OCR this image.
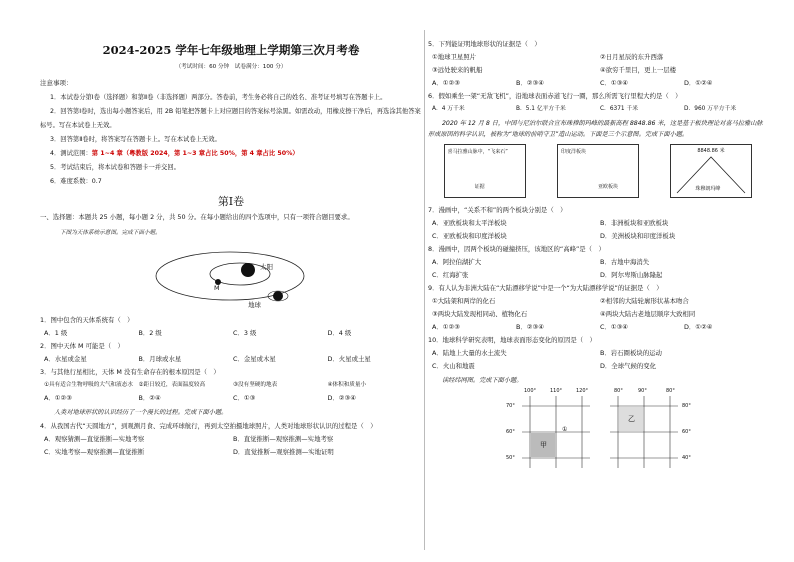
2024-2025 学年七年级地理上学期第三次月考卷
（考试时间：60 分钟　试卷满分：100 分）
注意事项：
1．本试卷分第Ⅰ卷（选择题）和第Ⅱ卷（非选择题）两部分。答卷前，考生务必将自己的姓名、准考证号填写在答题卡上。
2．回答第Ⅰ卷时，选出每小题答案后，用 2B 铅笔把答题卡上对应题目的答案标号涂黑。如需改动，用橡皮擦干净后，再选涂其他答案标号。写在本试卷上无效。
3．回答第Ⅱ卷时，将答案写在答题卡上。写在本试卷上无效。
4．测试范围：第 1~4 章（粤教版 2024，第 1~3 章占比 50%，第 4 章占比 50%）
5．考试结束后，将本试卷和答题卡一并交回。
6．难度系数：0.7
第Ⅰ卷

一、选择题：本题共 25 小题，每小题 2 分，共 50 分。在每小题给出的四个选项中，只有一项符合题目要求。

下图为天体系统示意图。完成下面小题。
太阳
M
地球

1．图中包含的天体系统有（　）

A．1 级	B．2 级	C．3 级	D．4 级

2．图中天体 M 可能是（　）

A．水星或金星	B．月球或水星	C．金星或木星	D．火星或土星

3．与其他行星相比，天体 M 没有生命存在的根本原因是（　）

①具有适合生物呼吸的大气和液态水 ②距日较近，表面温度较高	③没有坚硬的地表	④体积和质量小
A．①②③	B．②④	C．①③	D．②③④

人类对地球形状的认识经历了一个漫长的过程。完成下面小题。

4．从我国古代“天圆地方”，到观测月食、完成环球航行，再到太空拍摄地球照片，人类对地球形状认识的过程是（　）

A．观察猜测—直觉推断—实地考察	B．直觉推断—观察推测—实地考察
C．实地考察—观察推测—直觉推断	D．直觉推断—观察推测—实地证明

5．下列能证明地球形状的证据是（　）

①地球卫星照片	②日月星辰的东升西落
③远处驶来的帆船	④欲穷千里目，更上一层楼
A．①②③	B．②③④	C．①③④	D．①②④

6．假如乘坐一架“无敌飞机”，沿地球表面赤道飞行一圈，那么所需飞行里程大约是（　）

A．4 万千米	B．5.1 亿平方千米	C．6371 千米	D．960 万平方千米

2020 年 12 月 8 日，中国与尼泊尔联合宣布珠穆朗玛峰的最新高程 8848.86 米，这是基于板块理论对喜马拉雅山脉形成原因的科学认识，被称为“地球的前哨守卫”造山运动。下面是三个示意图。完成下面小题。

喜马拉雅山脉中，“飞来石”
证据
印度洋板块
亚欧板块
8848.86 米
珠穆朗玛峰

7．漫画中，“关系不和”的两个板块分别是（　）

A．亚欧板块和太平洋板块	B．非洲板块和亚欧板块
C．亚欧板块和印度洋板块	D．美洲板块和印度洋板块

8．漫画中，因两个板块的碰撞挤压，该地区的“高峰”是（　）

A．阿拉伯湖扩大	B．古地中海消失
C．红海扩张	D．阿尔卑斯山脉隆起

9．有人认为非洲大陆在“大陆漂移学说”中是一个“为大陆漂移学说”的证据是（　）

①大陆架和两岸的化石	②相邻的大陆轮廓形状基本吻合
③两块大陆发现相同动、植物化石	④两块大陆古老地层顺序大致相同
A．①②③	B．②③④	C．①③④	D．①②④

10．地球科学研究表明，地球表面形态变化的原因是（　）

A．陆地上大量的水土流失	B．岩石圈板块的运动
C．火山和地震	D．全球气候的变化

读经纬网图。完成下面小题。

100°	110°	120°
70°
60°
50°
80°	90°	80°
80°
60°
40°
甲
乙
①
